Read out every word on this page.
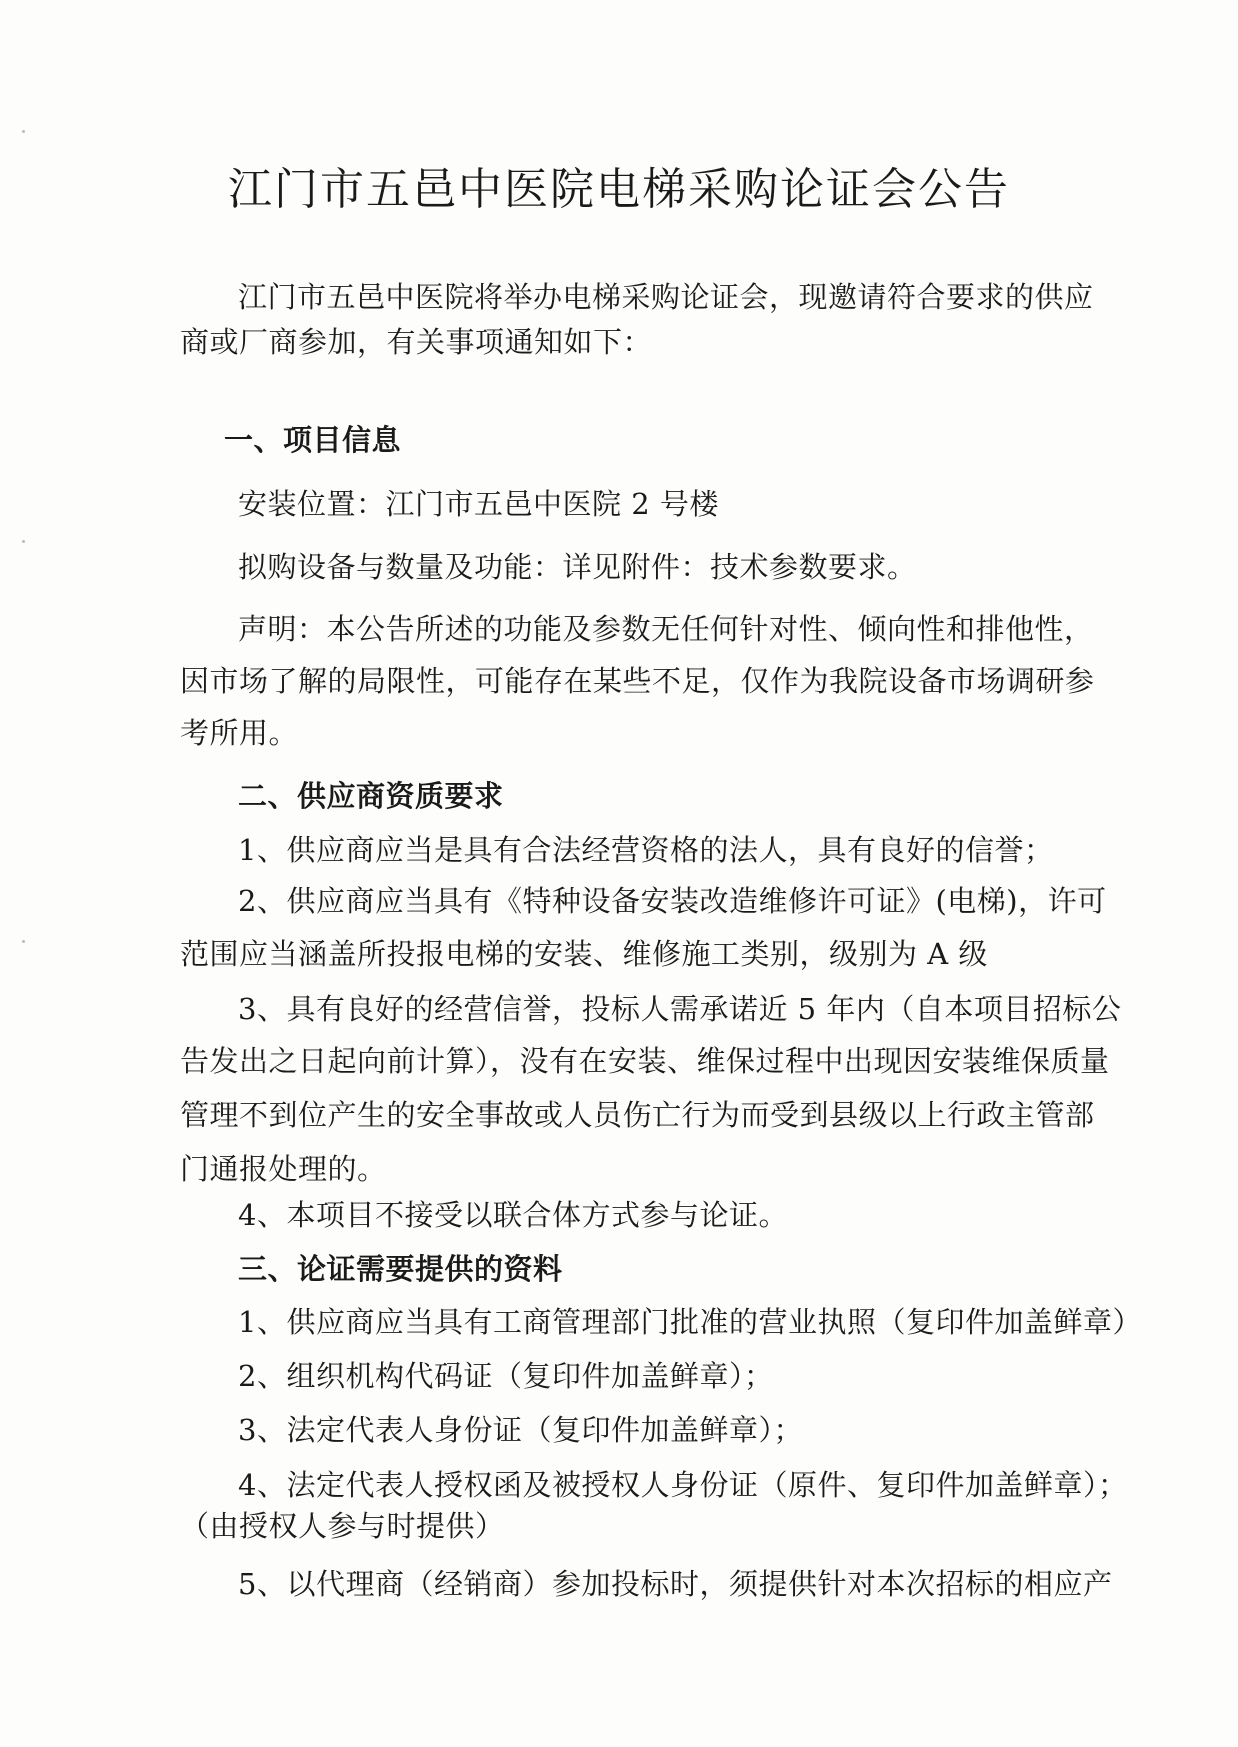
江门市五邑中医院电梯采购论证会公告
江门市五邑中医院将举办电梯采购论证会，现邀请符合要求的供应
商或厂商参加，有关事项通知如下：
一、项目信息
安装位置：江门市五邑中医院 2 号楼
拟购设备与数量及功能：详见附件：技术参数要求。
声明：本公告所述的功能及参数无任何针对性、倾向性和排他性，
因市场了解的局限性，可能存在某些不足，仅作为我院设备市场调研参
考所用。
二、供应商资质要求
1、供应商应当是具有合法经营资格的法人，具有良好的信誉；
2、供应商应当具有《特种设备安装改造维修许可证》(电梯)，许可
范围应当涵盖所投报电梯的安装、维修施工类别，级别为 A 级
3、具有良好的经营信誉，投标人需承诺近 5 年内（自本项目招标公
告发出之日起向前计算），没有在安装、维保过程中出现因安装维保质量
管理不到位产生的安全事故或人员伤亡行为而受到县级以上行政主管部
门通报处理的。
4、本项目不接受以联合体方式参与论证。
三、论证需要提供的资料
1、供应商应当具有工商管理部门批准的营业执照（复印件加盖鲜章）
2、组织机构代码证（复印件加盖鲜章）；
3、法定代表人身份证（复印件加盖鲜章）；
4、法定代表人授权函及被授权人身份证（原件、复印件加盖鲜章）；
（由授权人参与时提供）
5、以代理商（经销商）参加投标时，须提供针对本次招标的相应产
